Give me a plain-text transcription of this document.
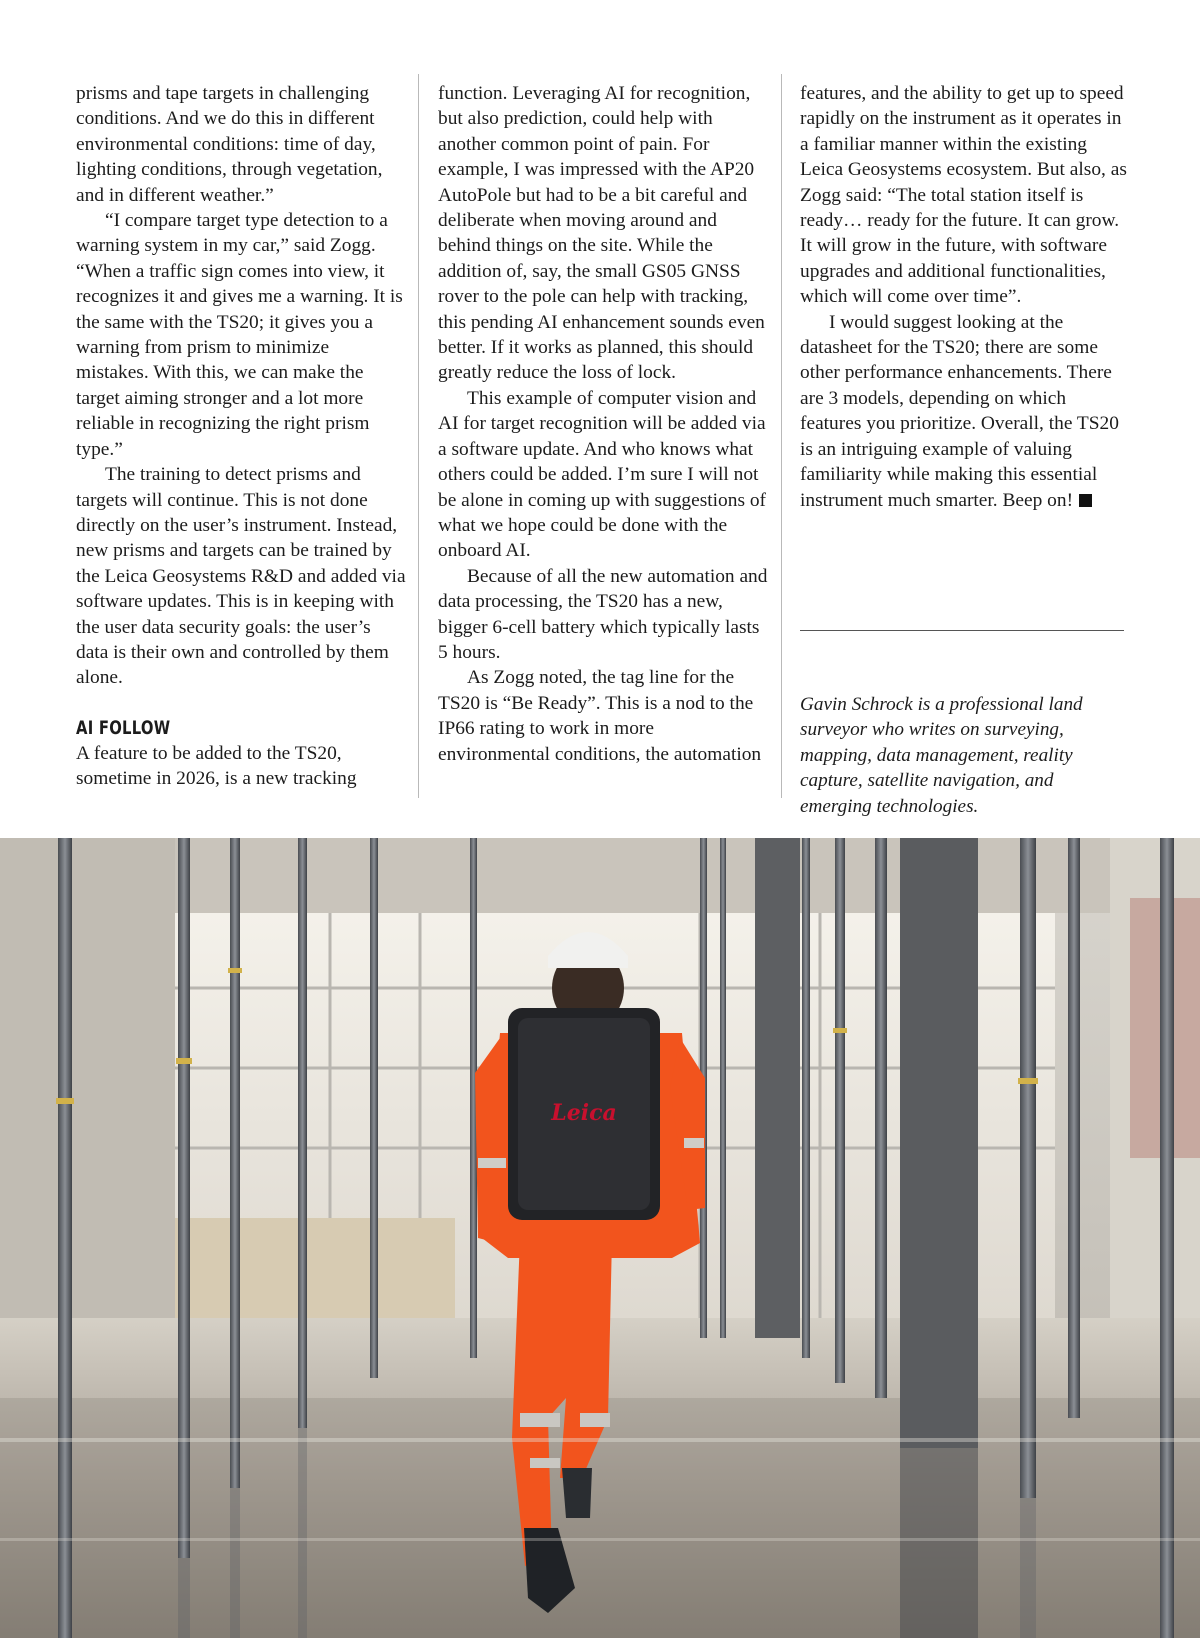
prisms and tape targets in challenging conditions. And we do this in different environmental conditions: time of day, lighting conditions, through vegetation, and in different weather.”

“I compare target type detection to a warning system in my car,” said Zogg. “When a traffic sign comes into view, it recognizes it and gives me a warning. It is the same with the TS20; it gives you a warning from prism to minimize mistakes. With this, we can make the target aiming stronger and a lot more reliable in recognizing the right prism type.”

The training to detect prisms and targets will continue. This is not done directly on the user’s instrument. Instead, new prisms and targets can be trained by the Leica Geosystems R&D and added via software updates. This is in keeping with the user data security goals: the user’s data is their own and controlled by them alone.

AI FOLLOW

A feature to be added to the TS20, sometime in 2026, is a new tracking

function. Leveraging AI for recognition, but also prediction, could help with another common point of pain. For example, I was impressed with the AP20 AutoPole but had to be a bit careful and deliberate when moving around and behind things on the site. While the addition of, say, the small GS05 GNSS rover to the pole can help with tracking, this pending AI enhancement sounds even better. If it works as planned, this should greatly reduce the loss of lock.

This example of computer vision and AI for target recognition will be added via a software update. And who knows what others could be added. I’m sure I will not be alone in coming up with suggestions of what we hope could be done with the onboard AI.

Because of all the new automation and data processing, the TS20 has a new, bigger 6-cell battery which typically lasts 5 hours.

As Zogg noted, the tag line for the TS20 is “Be Ready”. This is a nod to the IP66 rating to work in more environmental conditions, the automation

features, and the ability to get up to speed rapidly on the instrument as it operates in a familiar manner within the existing Leica Geosystems ecosystem. But also, as Zogg said: “The total station itself is ready… ready for the future. It can grow. It will grow in the future, with software upgrades and additional functionalities, which will come over time”.

I would suggest looking at the datasheet for the TS20; there are some other performance enhancements. There are 3 models, depending on which features you prioritize. Overall, the TS20 is an intriguing example of valuing familiarity while making this essential instrument much smarter. Beep on!

Gavin Schrock is a professional land surveyor who writes on surveying, mapping, data management, reality capture, satellite navigation, and emerging technologies.
Leica
